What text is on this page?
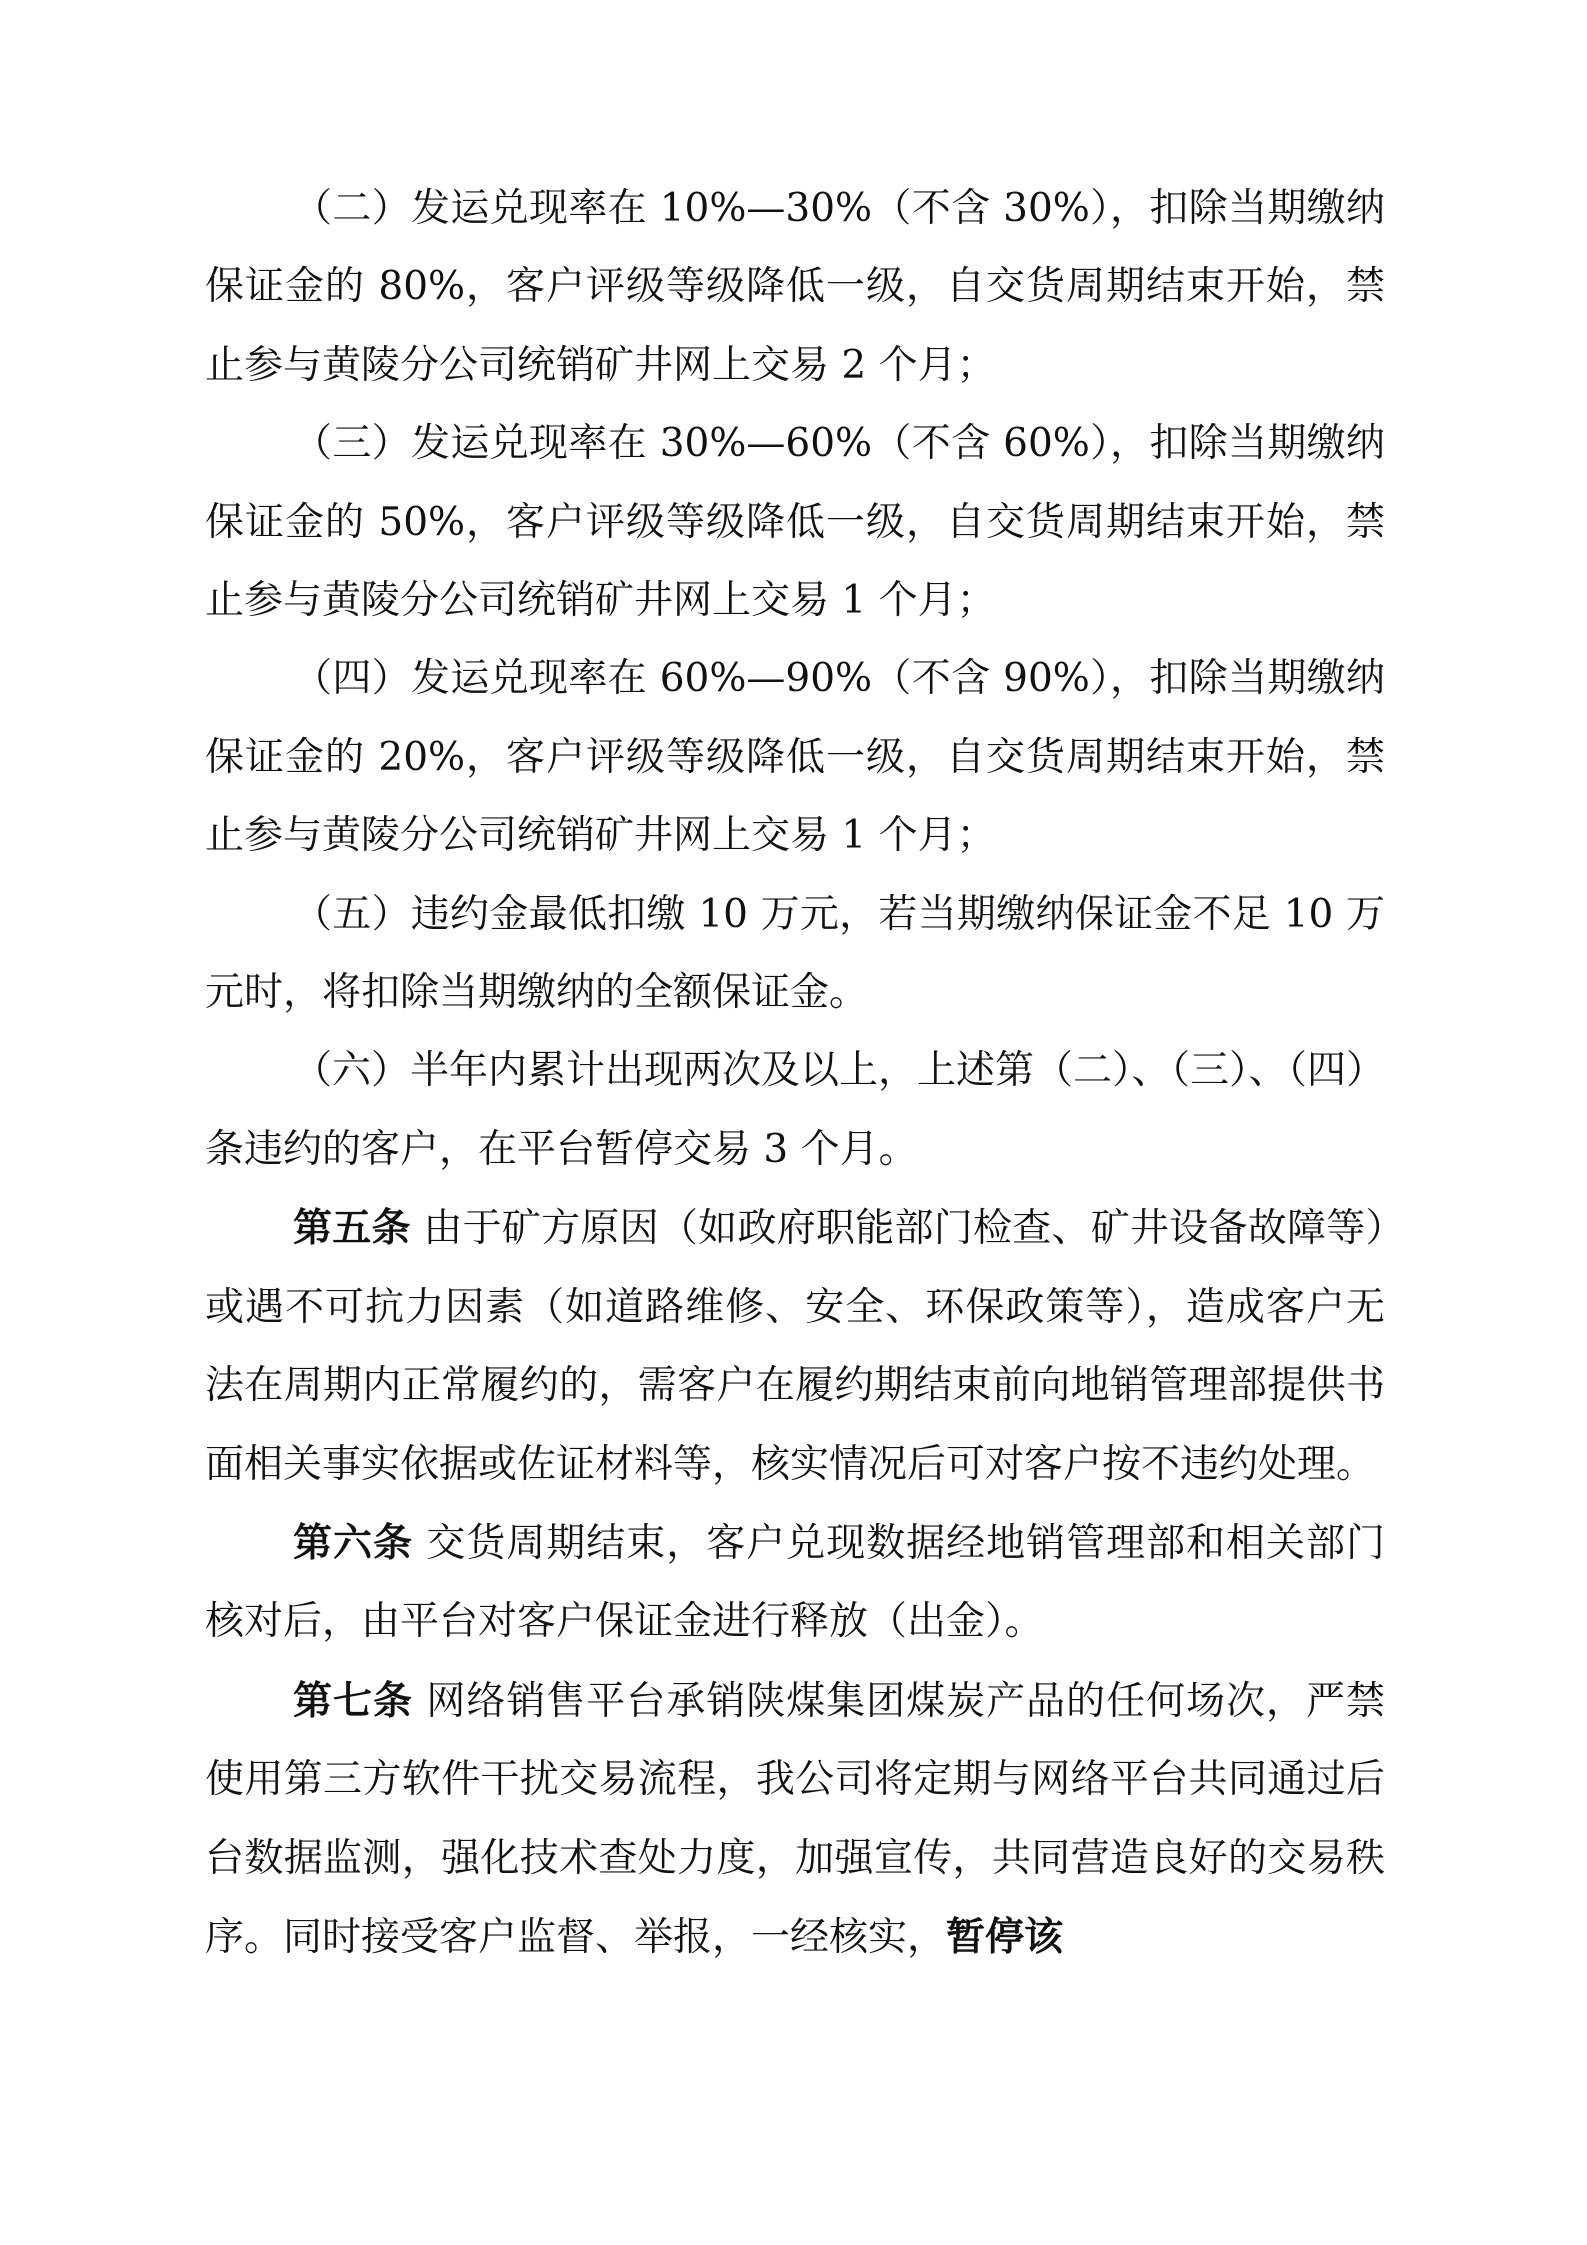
（二）发运兑现率在 10%—30%（不含 30%），扣除当期缴纳保证金的 80%，客户评级等级降低一级，自交货周期结束开始，禁止参与黄陵分公司统销矿井网上交易 2 个月；

（三）发运兑现率在 30%—60%（不含 60%），扣除当期缴纳保证金的 50%，客户评级等级降低一级，自交货周期结束开始，禁止参与黄陵分公司统销矿井网上交易 1 个月；

（四）发运兑现率在 60%—90%（不含 90%），扣除当期缴纳保证金的 20%，客户评级等级降低一级，自交货周期结束开始，禁止参与黄陵分公司统销矿井网上交易 1 个月；

（五）违约金最低扣缴 10 万元，若当期缴纳保证金不足 10 万元时，将扣除当期缴纳的全额保证金。

（六）半年内累计出现两次及以上，上述第（二）、（三）、（四）条违约的客户，在平台暂停交易 3 个月。

第五条 由于矿方原因（如政府职能部门检查、矿井设备故障等）或遇不可抗力因素（如道路维修、安全、环保政策等），造成客户无法在周期内正常履约的，需客户在履约期结束前向地销管理部提供书面相关事实依据或佐证材料等，核实情况后可对客户按不违约处理。

第六条 交货周期结束，客户兑现数据经地销管理部和相关部门核对后，由平台对客户保证金进行释放（出金）。

第七条 网络销售平台承销陕煤集团煤炭产品的任何场次，严禁使用第三方软件干扰交易流程，我公司将定期与网络平台共同通过后台数据监测，强化技术查处力度，加强宣传，共同营造良好的交易秩序。同时接受客户监督、举报，一经核实，暂停该
